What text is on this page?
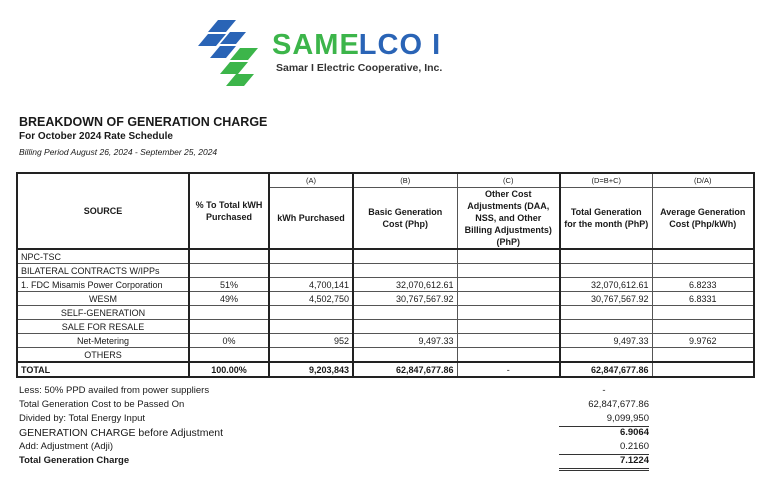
SAMELCO I
Samar I Electric Cooperative, Inc.
BREAKDOWN OF GENERATION CHARGE
For October 2024 Rate Schedule
Billing Period August 26, 2024 - September 25, 2024
SOURCE	% To Total kWH Purchased	(A)	(B)	(C)	(D=B+C)	(D/A)
		kWh Purchased	Basic Generation Cost (Php)	Other Cost Adjustments (DAA, NSS, and Other Billing Adjustments) (PhP)	Total Generation for the month (PhP)	Average Generation Cost (Php/kWh)
NPC-TSC						
BILATERAL CONTRACTS W/IPPs						
1. FDC Misamis Power Corporation	51%	4,700,141	32,070,612.61		32,070,612.61	6.8233
WESM	49%	4,502,750	30,767,567.92		30,767,567.92	6.8331
SELF-GENERATION						
SALE FOR RESALE						
Net-Metering	0%	952	9,497.33		9,497.33	9.9762
OTHERS						
TOTAL	100.00%	9,203,843	62,847,677.86	-	62,847,677.86	
Less: 50% PPD availed from power suppliers	-
Total Generation Cost to be Passed On	62,847,677.86
Divided by: Total Energy Input	9,099,950
GENERATION CHARGE before Adjustment	6.9064
Add: Adjustment (Adji)	0.2160
Total Generation Charge	7.1224
